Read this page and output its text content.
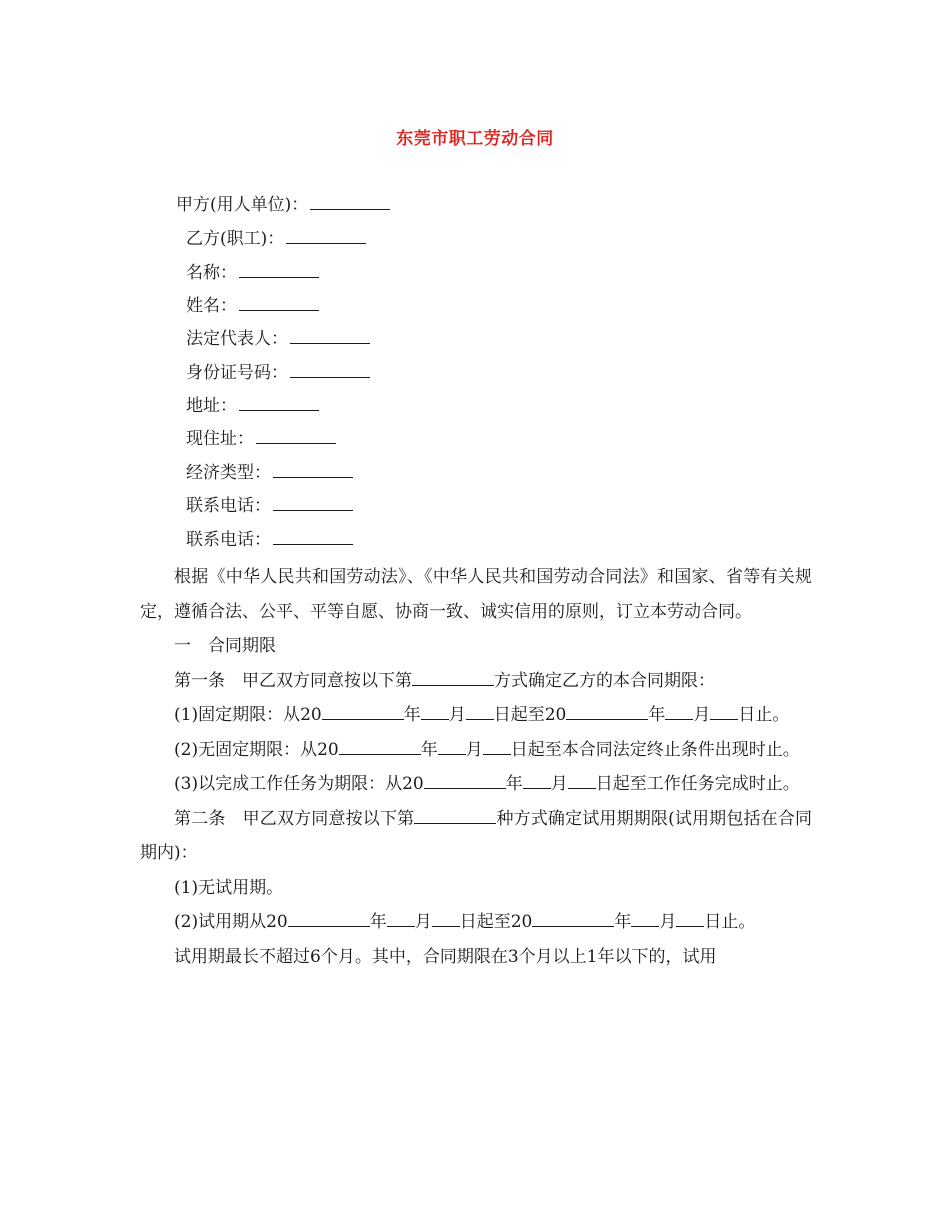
东莞市职工劳动合同
甲方(用人单位)：
乙方(职工)：
名称：
姓名：
法定代表人：
身份证号码：
地址：
现住址：
经济类型：
联系电话：
联系电话：

根据《中华人民共和国劳动法》、《中华人民共和国劳动合同法》和国家、省等有关规定，遵循合法、公平、平等自愿、协商一致、诚实信用的原则，订立本劳动合同。

一　合同期限

第一条　甲乙双方同意按以下第	方式确定乙方的本合同期限：

(1)固定期限：从20	年 月 日起至20	年 月 日止。

(2)无固定期限：从20	年 月 日起至本合同法定终止条件出现时止。

(3)以完成工作任务为期限：从20	年 月 日起至工作任务完成时止。

第二条　甲乙双方同意按以下第	种方式确定试用期期限(试用期包括在合同期内)：

(1)无试用期。

(2)试用期从20	年 月 日起至20	年 月 日止。

试用期最长不超过6个月。其中，合同期限在3个月以上1年以下的，试用
